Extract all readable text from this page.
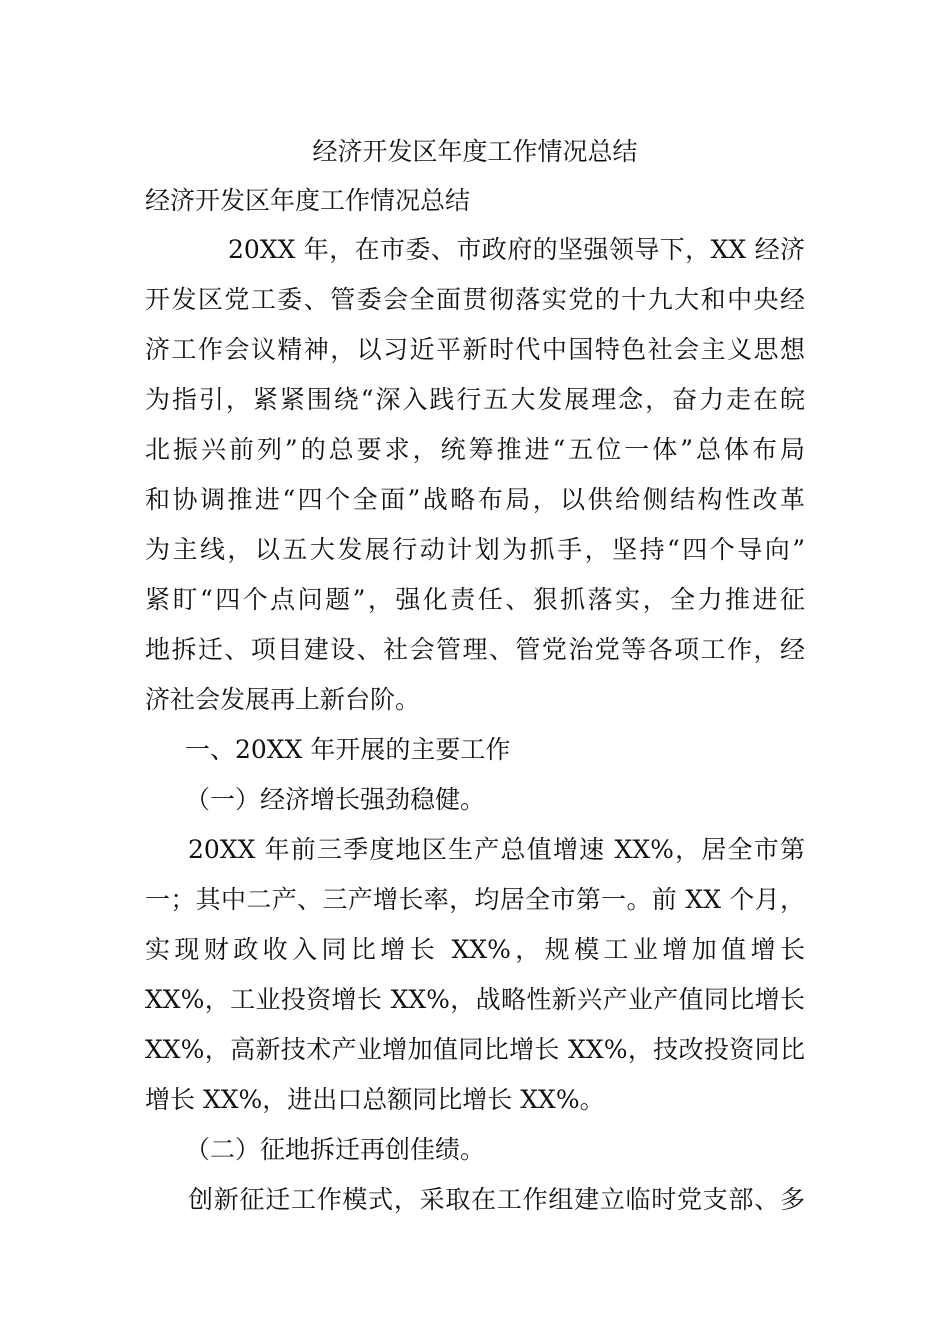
经济开发区年度工作情况总结
经济开发区年度工作情况总结
20XX 年，在市委、市政府的坚强领导下，XX 经济
开发区党工委、管委会全面贯彻落实党的十九大和中央经
济工作会议精神，以习近平新时代中国特色社会主义思想
为指引，紧紧围绕“深入践行五大发展理念，奋力走在皖
北振兴前列”的总要求，统筹推进“五位一体”总体布局
和协调推进“四个全面”战略布局，以供给侧结构性改革
为主线，以五大发展行动计划为抓手，坚持“四个导向”
紧盯“四个点问题”，强化责任、狠抓落实，全力推进征
地拆迁、项目建设、社会管理、管党治党等各项工作，经
济社会发展再上新台阶。
一、20XX 年开展的主要工作
（一）经济增长强劲稳健。
20XX 年前三季度地区生产总值增速 XX%，居全市第
一；其中二产、三产增长率，均居全市第一。前 XX 个月，
实现财政收入同比增长 XX%，规模工业增加值增长
XX%，工业投资增长 XX%，战略性新兴产业产值同比增长
XX%，高新技术产业增加值同比增长 XX%，技改投资同比
增长 XX%，进出口总额同比增长 XX%。
（二）征地拆迁再创佳绩。
创新征迁工作模式，采取在工作组建立临时党支部、多
